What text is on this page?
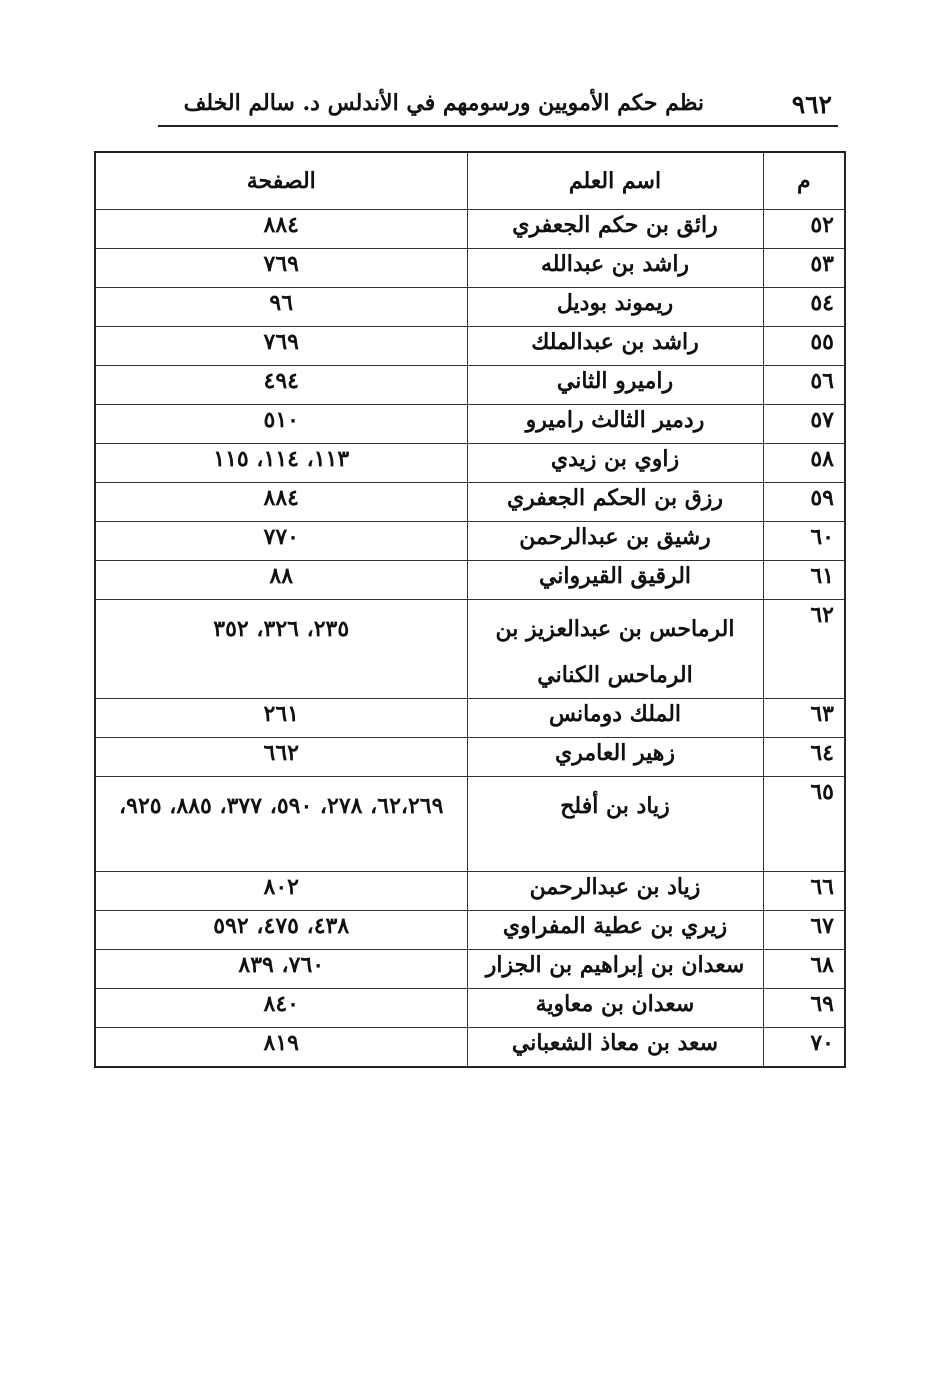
٩٦٢
نظم حكم الأمويين ورسومهم في الأندلس د. سالم الخلف
م	اسم العلم	الصفحة
٥٢	رائق بن حكم الجعفري	٨٨٤
٥٣	راشد بن عبدالله	٧٦٩
٥٤	ريموند بوديل	٩٦
٥٥	راشد بن عبدالملك	٧٦٩
٥٦	راميرو الثاني	٤٩٤
٥٧	ردمير الثالث راميرو	٥١٠
٥٨	زاوي بن زيدي	١١٣، ١١٤، ١١٥
٥٩	رزق بن الحكم الجعفري	٨٨٤
٦٠	رشيق بن عبدالرحمن	٧٧٠
٦١	الرقيق القيرواني	٨٨
٦٢	الرماحس بن عبدالعزيز بن الرماحس الكناني	٢٣٥، ٣٢٦، ٣٥٢
٦٣	الملك دومانس	٢٦١
٦٤	زهير العامري	٦٦٢
٦٥	زياد بن أفلح	٦٢،٢٦٩، ٢٧٨، ٥٩٠، ٣٧٧، ٨٨٥، ٩٢٥،
٦٦	زياد بن عبدالرحمن	٨٠٢
٦٧	زيري بن عطية المفراوي	٤٣٨، ٤٧٥، ٥٩٢
٦٨	سعدان بن إبراهيم بن الجزار	٧٦٠، ٨٣٩
٦٩	سعدان بن معاوية	٨٤٠
٧٠	سعد بن معاذ الشعباني	٨١٩
